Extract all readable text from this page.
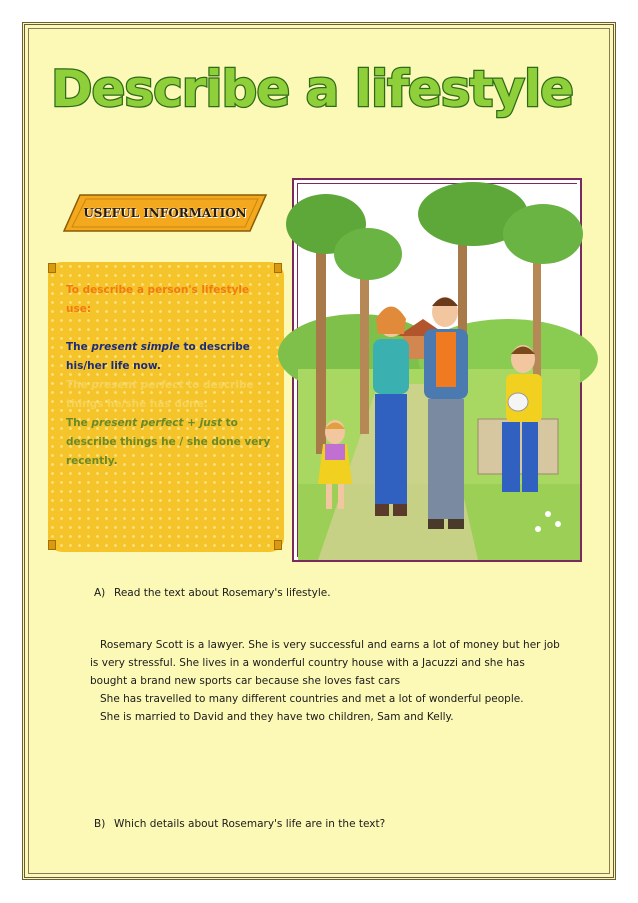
Describe a lifestyle
USEFUL INFORMATION

To describe a person's lifestyle use:

The present simple to describe his/her life now.

The present perfect to describe things he/she has done.

The present perfect + just to describe things he / she done very recently.

A) Read the text about Rosemary's lifestyle.

Rosemary Scott is a lawyer. She is very successful and earns a lot of money but her job is very stressful. She lives in a wonderful country house with a Jacuzzi and she has bought a brand new sports car because she loves fast cars

She has travelled to many different countries and met a lot of wonderful people.

She is married to David and they have two children, Sam and Kelly.

B) Which details about Rosemary's life are in the text?
